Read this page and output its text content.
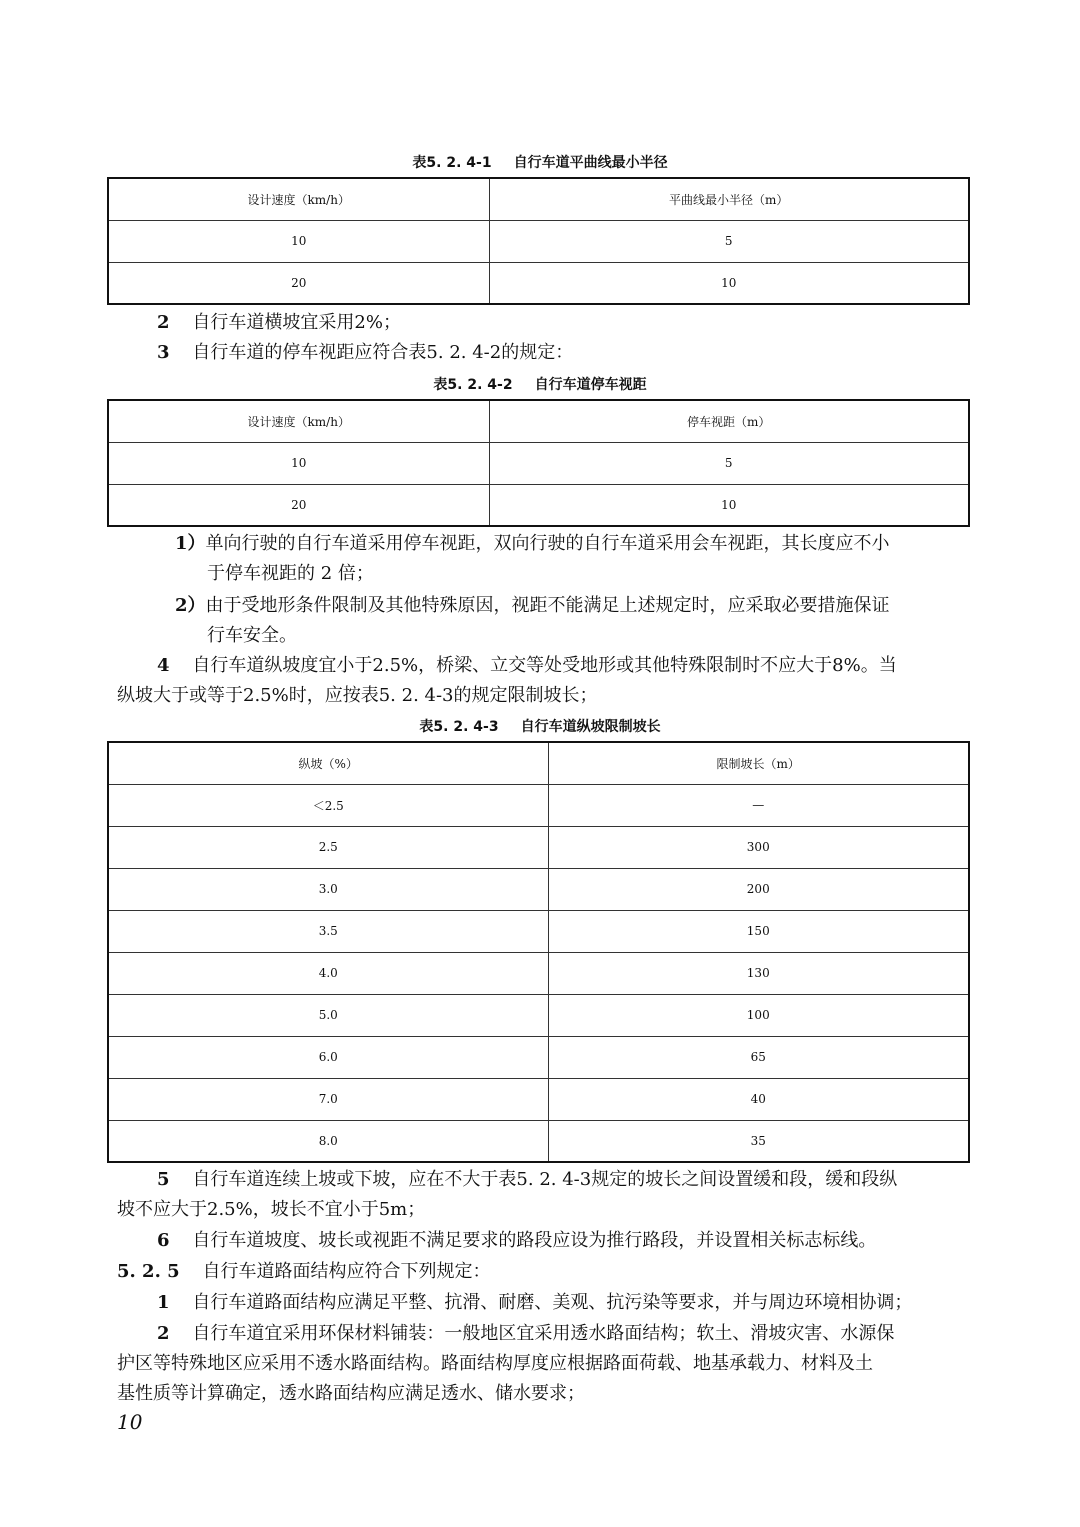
表5. 2. 4-1 自行车道平曲线最小半径
设计速度（km/h）	平曲线最小半径（m）
10	5
20	10
2 自行车道横坡宜采用2%；
3 自行车道的停车视距应符合表5. 2. 4-2的规定：
表5. 2. 4-2 自行车道停车视距
设计速度（km/h）	停车视距（m）
10	5
20	10
1）单向行驶的自行车道采用停车视距，双向行驶的自行车道采用会车视距，其长度应不小
于停车视距的 2 倍；
2）由于受地形条件限制及其他特殊原因，视距不能满足上述规定时，应采取必要措施保证
行车安全。
4 自行车道纵坡度宜小于2.5%，桥梁、立交等处受地形或其他特殊限制时不应大于8%。当
纵坡大于或等于2.5%时，应按表5. 2. 4-3的规定限制坡长；
表5. 2. 4-3 自行车道纵坡限制坡长
纵坡（%）	限制坡长（m）
＜2.5	—
2.5	300
3.0	200
3.5	150
4.0	130
5.0	100
6.0	65
7.0	40
8.0	35
5 自行车道连续上坡或下坡，应在不大于表5. 2. 4-3规定的坡长之间设置缓和段，缓和段纵
坡不应大于2.5%，坡长不宜小于5m；
6 自行车道坡度、坡长或视距不满足要求的路段应设为推行路段，并设置相关标志标线。
5. 2. 5 自行车道路面结构应符合下列规定：
1 自行车道路面结构应满足平整、抗滑、耐磨、美观、抗污染等要求，并与周边环境相协调；
2 自行车道宜采用环保材料铺装：一般地区宜采用透水路面结构；软土、滑坡灾害、水源保
护区等特殊地区应采用不透水路面结构。路面结构厚度应根据路面荷载、地基承载力、材料及土
基性质等计算确定，透水路面结构应满足透水、储水要求；
10
